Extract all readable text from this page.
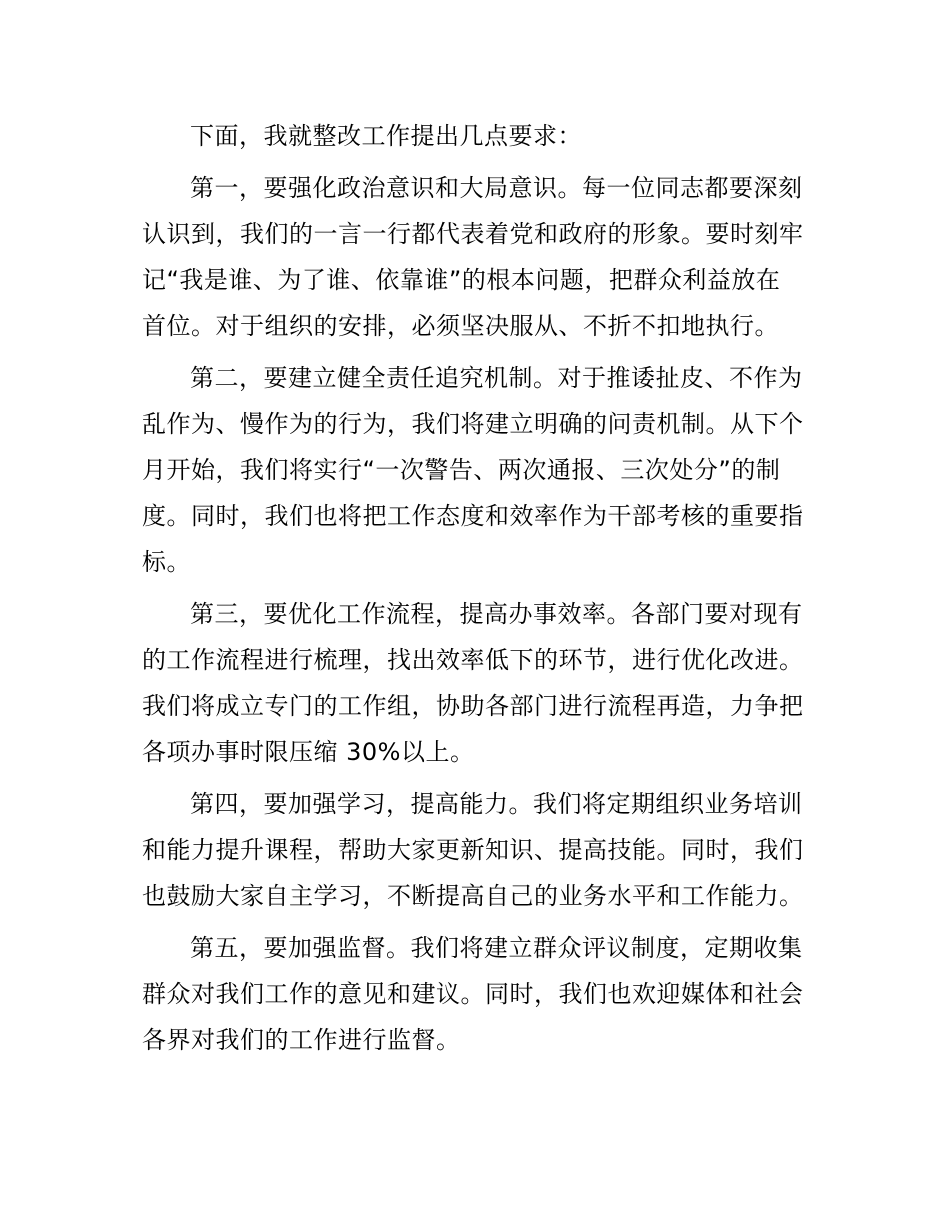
下面，我就整改工作提出几点要求：
第一，要强化政治意识和大局意识。每一位同志都要深刻
认识到，我们的一言一行都代表着党和政府的形象。要时刻牢
记“我是谁、为了谁、依靠谁”的根本问题，把群众利益放在
首位。对于组织的安排，必须坚决服从、不折不扣地执行。
第二，要建立健全责任追究机制。对于推诿扯皮、不作为
乱作为、慢作为的行为，我们将建立明确的问责机制。从下个
月开始，我们将实行“一次警告、两次通报、三次处分”的制
度。同时，我们也将把工作态度和效率作为干部考核的重要指
标。
第三，要优化工作流程，提高办事效率。各部门要对现有
的工作流程进行梳理，找出效率低下的环节，进行优化改进。
我们将成立专门的工作组，协助各部门进行流程再造，力争把
各项办事时限压缩 30%以上。
第四，要加强学习，提高能力。我们将定期组织业务培训
和能力提升课程，帮助大家更新知识、提高技能。同时，我们
也鼓励大家自主学习，不断提高自己的业务水平和工作能力。
第五，要加强监督。我们将建立群众评议制度，定期收集
群众对我们工作的意见和建议。同时，我们也欢迎媒体和社会
各界对我们的工作进行监督。
